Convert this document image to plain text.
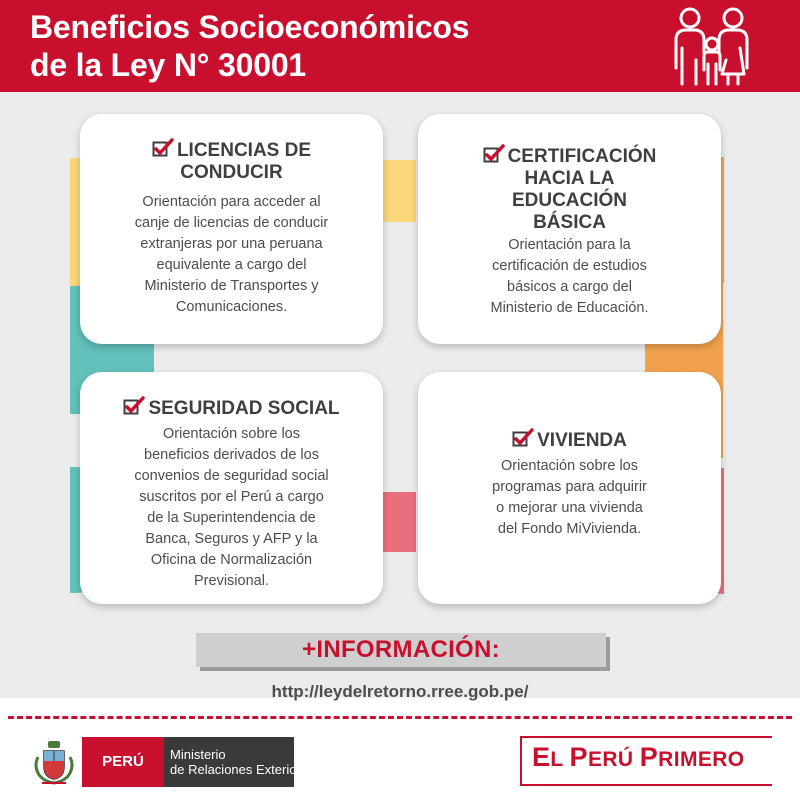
Beneficios Socioeconómicos
de la Ley N° 30001
LICENCIAS DE
CONDUCIR
Orientación para acceder al
canje de licencias de conducir
extranjeras por una peruana
equivalente a cargo del
Ministerio de Transportes y
Comunicaciones.
CERTIFICACIÓN
HACIA LA
EDUCACIÓN
BÁSICA
Orientación para la
certificación de estudios
básicos a cargo del
Ministerio de Educación.
SEGURIDAD SOCIAL
Orientación sobre los
beneficios derivados de los
convenios de seguridad social
suscritos por el Perú a cargo
de la Superintendencia de
Banca, Seguros y AFP y la
Oficina de Normalización
Previsional.
VIVIENDA
Orientación sobre los
programas para adquirir
o mejorar una vivienda
del Fondo MiVivienda.
+INFORMACIÓN:
http://leydelretorno.rree.gob.pe/
PERÚ	Ministerio
de Relaciones Exteriores	EL PERÚ PRIMERO
